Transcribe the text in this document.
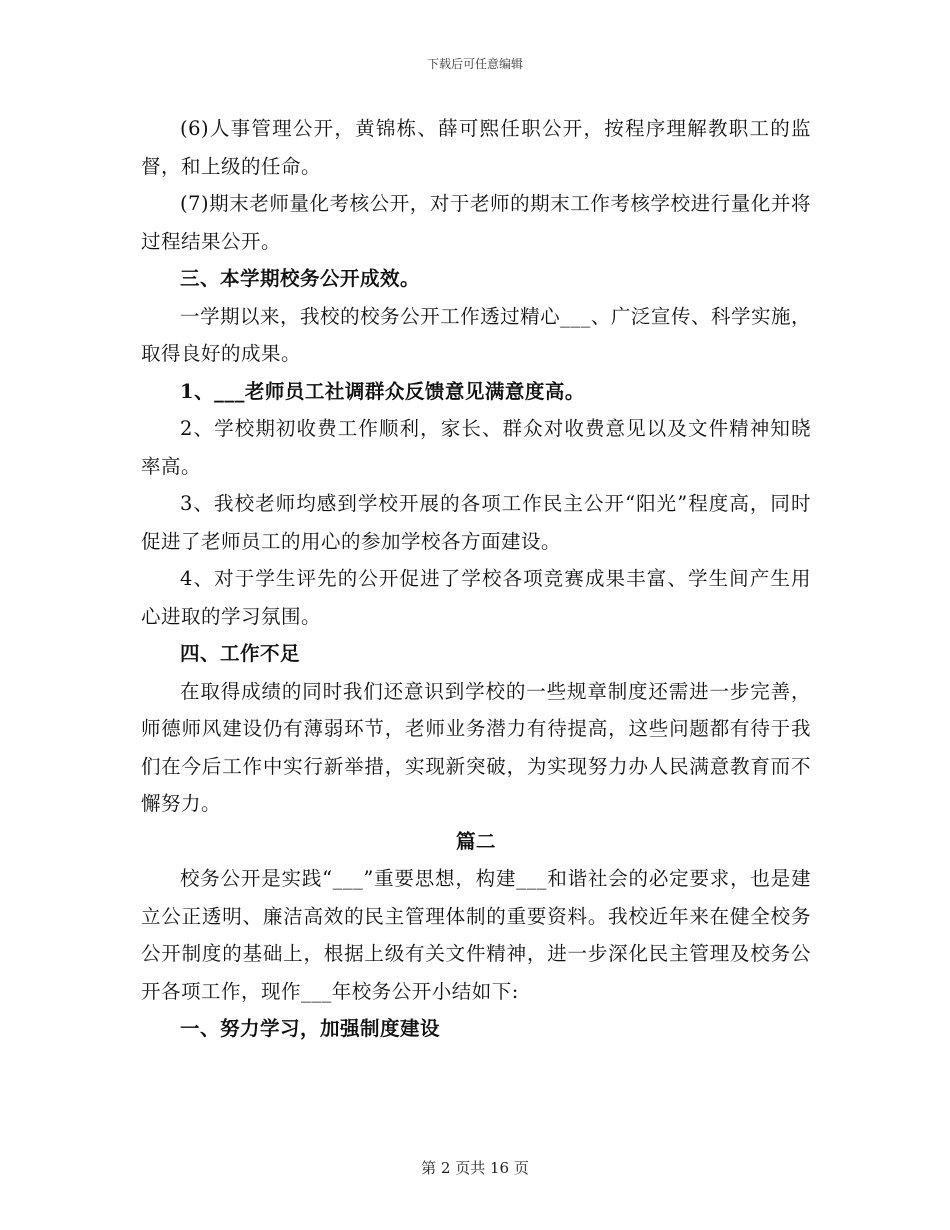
下载后可任意编辑

(6)人事管理公开，黄锦栋、薛可熙任职公开，按程序理解教职工的监督，和上级的任命。

(7)期末老师量化考核公开，对于老师的期末工作考核学校进行量化并将过程结果公开。

三、本学期校务公开成效。

一学期以来，我校的校务公开工作透过精心___、广泛宣传、科学实施，取得良好的成果。

1、___老师员工社调群众反馈意见满意度高。

2、学校期初收费工作顺利，家长、群众对收费意见以及文件精神知晓率高。

3、我校老师均感到学校开展的各项工作民主公开“阳光”程度高，同时促进了老师员工的用心的参加学校各方面建设。

4、对于学生评先的公开促进了学校各项竞赛成果丰富、学生间产生用心进取的学习氛围。

四、工作不足

在取得成绩的同时我们还意识到学校的一些规章制度还需进一步完善，师德师风建设仍有薄弱环节，老师业务潜力有待提高，这些问题都有待于我们在今后工作中实行新举措，实现新突破，为实现努力办人民满意教育而不懈努力。

篇二

校务公开是实践“___”重要思想，构建___和谐社会的必定要求，也是建立公正透明、廉洁高效的民主管理体制的重要资料。我校近年来在健全校务公开制度的基础上，根据上级有关文件精神，进一步深化民主管理及校务公开各项工作，现作___年校务公开小结如下:

一、努力学习，加强制度建设

第 2 页共 16 页
